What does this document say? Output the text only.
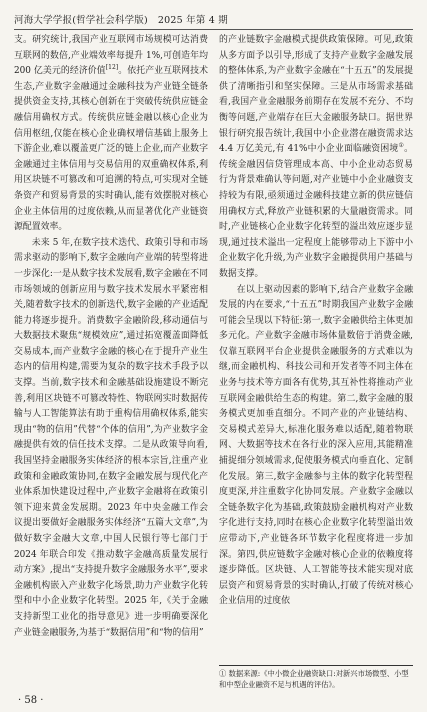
河海大学学报(哲学社会科学版) 2025 年第 4 期

支。研究统计,我国产业互联网市场规模可达消费互联网的数倍,产业端效率每提升 1%,可创造年均 200 亿美元的经济价值[12]。依托产业互联网技术生态,产业数字金融通过金融科技为产业链全链条提供资金支持,其核心创新在于突破传统供应链金融信用确权方式。传统供应链金融以核心企业为信用枢纽,仅能在核心企业确权增信基础上服务上下游企业,难以覆盖更广泛的链上企业,而产业数字金融通过主体信用与交易信用的双重确权体系,利用区块链不可篡改和可追溯的特点,可实现对全链条资产和贸易背景的实时确认,能有效摆脱对核心企业主体信用的过度依赖,从而显著优化产业链资源配置效率。

未来 5 年,在数字技术迭代、政策引导和市场需求驱动的影响下,数字金融向产业端的转型将进一步深化:一是从数字技术发展看,数字金融在不同市场领域的创新应用与数字技术发展水平紧密相关,随着数字技术的创新迭代,数字金融的产业适配能力将逐步提升。消费数字金融阶段,移动通信与大数据技术聚焦“规模效应”,通过拓宽覆盖面降低交易成本,而产业数字金融的核心在于提升产业生态内的信用构建,需要为复杂的数字技术手段予以支撑。当前,数字技术和金融基础设施建设不断完善,利用区块链不可篡改特性、物联网实时数据传输与人工智能算法有助于重构信用确权体系,能实现由“物的信用”代替“个体的信用”,为产业数字金融提供有效的信任技术支撑。二是从政策导向看,我国坚持金融服务实体经济的根本宗旨,注重产业政策和金融政策协同,在数字金融发展与现代化产业体系加快建设过程中,产业数字金融将在政策引领下迎来黄金发展期。2023 年中央金融工作会议提出要做好金融服务实体经济“五篇大文章”,为做好数字金融大文章,中国人民银行等七部门于 2024 年联合印发《推动数字金融高质量发展行动方案》,提出“支持提升数字金融服务水平”,要求金融机构嵌入产业数字化场景,助力产业数字化转型和中小企业数字化转型。2025 年,《关于金融支持新型工业化的指导意见》进一步明确要深化产业链金融服务,为基于“数据信用”和“物的信用”

的产业链数字金融模式提供政策保障。可见,政策从多方面予以引导,形成了支持产业数字金融发展的整体体系,为产业数字金融在“十五五”的发展提供了清晰指引和坚实保障。三是从市场需求基础看,我国产业金融服务前期存在发展不充分、不均衡等问题,产业端存在巨大金融服务缺口。据世界银行研究报告统计,我国中小企业潜在融资需求达 4.4 万亿美元,有 41%中小企业面临融资困境①。传统金融因信贷管理成本高、中小企业动态贸易行为背景难确认等问题,对产业链中小企业融资支持较为有限,亟须通过金融科技建立新的供应链信用确权方式,释放产业链积累的大量融资需求。同时,产业链核心企业数字化转型的溢出效应逐步显现,通过技术溢出一定程度上能够带动上下游中小企业数字化升级,为产业数字金融提供用户基础与数据支撑。

在以上驱动因素的影响下,结合产业数字金融发展的内在要求,“十五五”时期我国产业数字金融可能会呈现以下特征:第一,数字金融供给主体更加多元化。产业数字金融市场体量数倍于消费金融,仅靠互联网平台企业提供金融服务的方式难以为继,而金融机构、科技公司和开发者等不同主体在业务与技术等方面各有优势,其互补性将推动产业互联网金融供给生态的构建。第二,数字金融的服务模式更加垂直细分。不同产业的产业链结构、交易模式差异大,标准化服务难以适配,随着物联网、大数据等技术在各行业的深入应用,其能精准捕捉细分领域需求,促使服务模式向垂直化、定制化发展。第三,数字金融参与主体的数字化转型程度更深,并注重数字化协同发展。产业数字金融以全链条数字化为基础,政策鼓励金融机构对产业数字化进行支持,同时在核心企业数字化转型溢出效应带动下,产业链各环节数字化程度将进一步加深。第四,供应链数字金融对核心企业的依赖度将逐步降低。区块链、人工智能等技术能实现对底层资产和贸易背景的实时确认,打破了传统对核心企业信用的过度依

① 数据来源:《中小微企业融资缺口:对新兴市场微型、小型和中型企业融资不足与机遇的评估》。
· 58 ·
